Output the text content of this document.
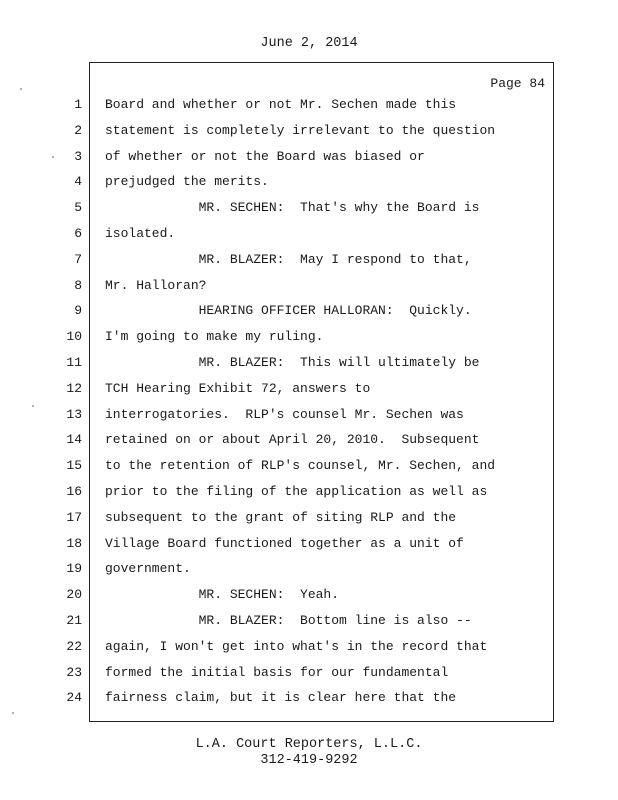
June 2, 2014
Page 84
1 Board and whether or not Mr. Sechen made this
2 statement is completely irrelevant to the question
3 of whether or not the Board was biased or
4 prejudged the merits.
5 MR. SECHEN:  That's why the Board is
6 isolated.
7 MR. BLAZER:  May I respond to that,
8 Mr. Halloran?
9 HEARING OFFICER HALLORAN:  Quickly.
10 I'm going to make my ruling.
11 MR. BLAZER:  This will ultimately be
12 TCH Hearing Exhibit 72, answers to
13 interrogatories.  RLP's counsel Mr. Sechen was
14 retained on or about April 20, 2010.  Subsequent
15 to the retention of RLP's counsel, Mr. Sechen, and
16 prior to the filing of the application as well as
17 subsequent to the grant of siting RLP and the
18 Village Board functioned together as a unit of
19 government.
20 MR. SECHEN:  Yeah.
21 MR. BLAZER:  Bottom line is also --
22 again, I won't get into what's in the record that
23 formed the initial basis for our fundamental
24 fairness claim, but it is clear here that the
L.A. Court Reporters, L.L.C.
312-419-9292
